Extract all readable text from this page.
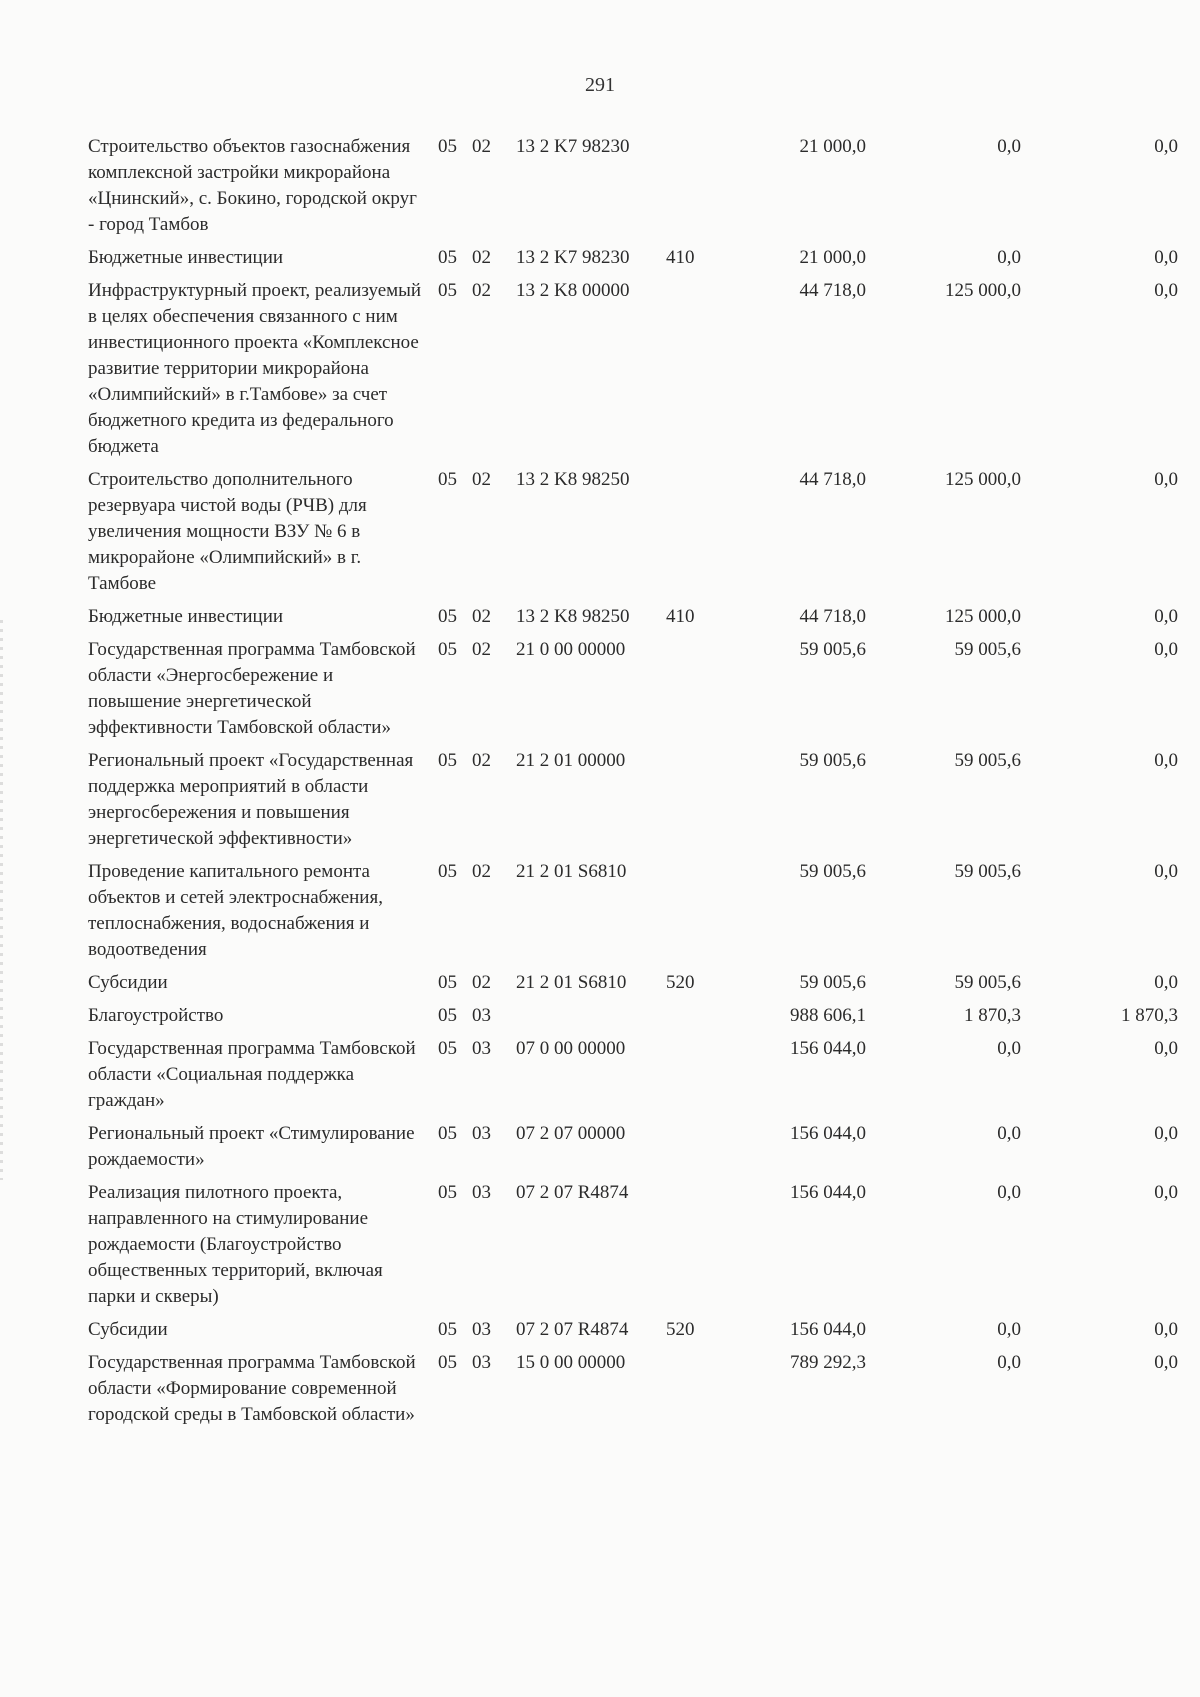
291
Строительство объектов газоснабжения комплексной застройки микрорайона «Цнинский», с. Бокино, городской округ - город Тамбов	05	02	13 2 K7 98230		21 000,0	0,0	0,0
Бюджетные инвестиции	05	02	13 2 K7 98230	410	21 000,0	0,0	0,0
Инфраструктурный проект, реализуемый в целях обеспечения связанного с ним инвестиционного проекта «Комплексное развитие территории микрорайона «Олимпийский» в г.Тамбове» за счет бюджетного кредита из федерального бюджета	05	02	13 2 K8 00000		44 718,0	125 000,0	0,0
Строительство дополнительного резервуара чистой воды (РЧВ) для увеличения мощности ВЗУ № 6 в микрорайоне «Олимпийский» в г. Тамбове	05	02	13 2 K8 98250		44 718,0	125 000,0	0,0
Бюджетные инвестиции	05	02	13 2 K8 98250	410	44 718,0	125 000,0	0,0
Государственная программа Тамбовской области «Энергосбережение и повышение энергетической эффективности Тамбовской области»	05	02	21 0 00 00000		59 005,6	59 005,6	0,0
Региональный проект «Государственная поддержка мероприятий в области энергосбережения и повышения энергетической эффективности»	05	02	21 2 01 00000		59 005,6	59 005,6	0,0
Проведение капитального ремонта объектов и сетей электроснабжения, теплоснабжения, водоснабжения и водоотведения	05	02	21 2 01 S6810		59 005,6	59 005,6	0,0
Субсидии	05	02	21 2 01 S6810	520	59 005,6	59 005,6	0,0
Благоустройство	05	03			988 606,1	1 870,3	1 870,3
Государственная программа Тамбовской области «Социальная поддержка граждан»	05	03	07 0 00 00000		156 044,0	0,0	0,0
Региональный проект «Стимулирование рождаемости»	05	03	07 2 07 00000		156 044,0	0,0	0,0
Реализация пилотного проекта, направленного на стимулирование рождаемости (Благоустройство общественных территорий, включая парки и скверы)	05	03	07 2 07 R4874		156 044,0	0,0	0,0
Субсидии	05	03	07 2 07 R4874	520	156 044,0	0,0	0,0
Государственная программа Тамбовской области «Формирование современной городской среды в Тамбовской области»	05	03	15 0 00 00000		789 292,3	0,0	0,0
